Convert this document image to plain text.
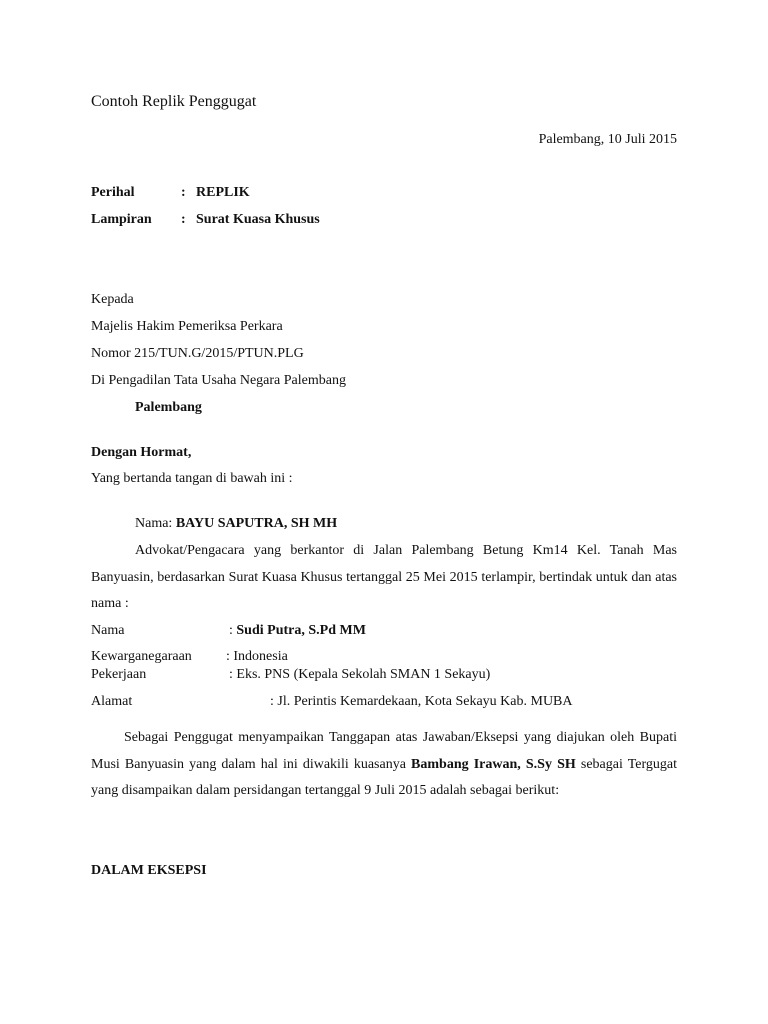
Contoh Replik Penggugat
Palembang, 10 Juli 2015
Perihal	: REPLIK
Lampiran : Surat Kuasa Khusus
Kepada
Majelis Hakim Pemeriksa Perkara
Nomor 215/TUN.G/2015/PTUN.PLG
Di Pengadilan Tata Usaha Negara Palembang
Palembang
Dengan Hormat,
Yang bertanda tangan di bawah ini :
Nama: BAYU SAPUTRA, SH MH
Advokat/Pengacara yang berkantor di Jalan Palembang Betung Km14 Kel. Tanah Mas Banyuasin, berdasarkan Surat Kuasa Khusus tertanggal 25 Mei 2015 terlampir, bertindak untuk dan atas nama :
Nama	: Sudi Putra, S.Pd MM
Kewarganegaraan : Indonesia
Pekerjaan	: Eks. PNS (Kepala Sekolah SMAN 1 Sekayu)
Alamat	: Jl. Perintis Kemardekaan, Kota Sekayu Kab. MUBA
Sebagai Penggugat menyampaikan Tanggapan atas Jawaban/Eksepsi yang diajukan oleh Bupati Musi Banyuasin yang dalam hal ini diwakili kuasanya Bambang Irawan, S.Sy SH sebagai Tergugat yang disampaikan dalam persidangan tertanggal 9 Juli 2015 adalah sebagai berikut:
DALAM EKSEPSI
